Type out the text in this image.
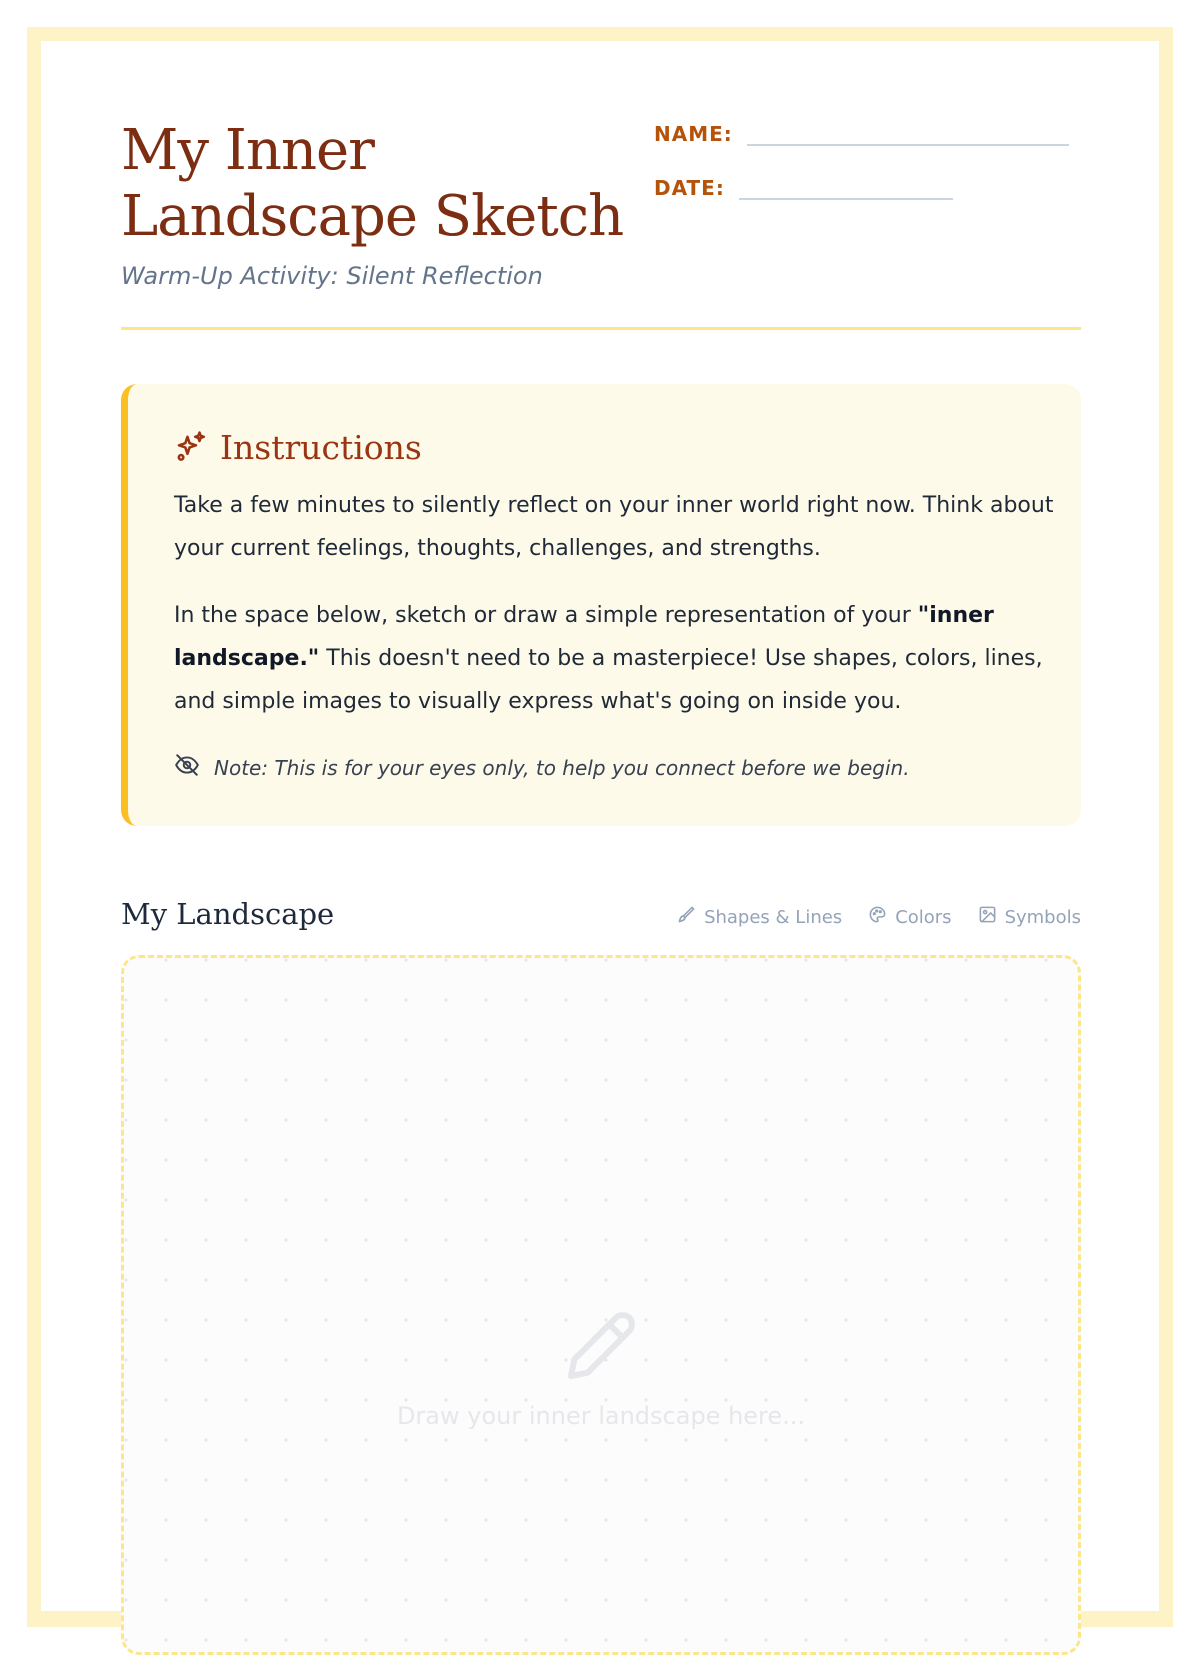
My Inner Landscape Sketch
Warm-Up Activity: Silent Reflection
NAME:
DATE:
Instructions

Take a few minutes to silently reflect on your inner world right now. Think about your current feelings, thoughts, challenges, and strengths.

In the space below, sketch or draw a simple representation of your "inner landscape." This doesn't need to be a masterpiece! Use shapes, colors, lines, and simple images to visually express what's going on inside you.

Note: This is for your eyes only, to help you connect before we begin.
My Landscape	Shapes & Lines	Colors	Symbols
Draw your inner landscape here...
